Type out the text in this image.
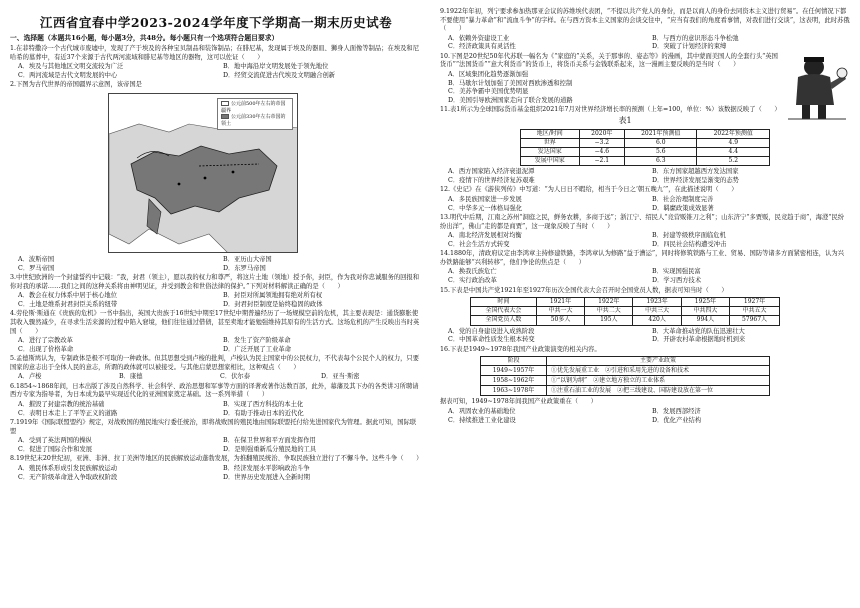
江西省宜春中学2023-2024学年度下学期高一期末历史试卷
一、选择题（本题共16小题，每小题3分，共48分。每小题只有一个选项符合题目要求）

1.在菲特撒冷一个古代城市废墟中，发现了产于埃及的各种宝贝制品和装饰制品；在腓尼基，发现属于埃及的器皿、狮身人面像等制品；在埃及和尼哈希的墓葬中，有近37个来源于古代两河流域和腓尼基等地区的器物，这可以佐证（　　）

A．埃及与其他地区文明交流较为广泛	B．地中海沿岸文明发展处于领先地位
C．两河流域是古代文明发展的中心	D．经贸交流促进古代埃及文明融合创新

2.下图为古代世界的帝国疆界示意图，该帝国是

公元前500年左右的帝国疆界
公元前330年左右帝国的领土
A．波斯帝国	B．亚历山大帝国
C．罗马帝国	D．东罗马帝国

3.中世纪欧洲的一个封建誓约中记载：“我，封君（领主），愿以我的权力和尊严，将这片土地（领地）授予你，封臣，作为我对你忠诚服务的回报和你对我的承诺……我们之间的这种关系将由神明见证，并受到教会和世俗法律的保护。”下列对材料解读正确的是（　　）

A．教会在权力体系中居于核心地位	B．封臣对所属领地拥有绝对所有权
C．土地是维系封君封臣关系的纽带	D．封君封臣制度是始终稳固的政体

4.劳伦斯·斯通在《贵族的危机》一书中指出，英国大贵族于16世纪中期至17世纪中期普遍经历了一场规模空前的危机，其主要表现是：通货膨胀使其收入骤然减少，在寻求生活来源的过程中陷入窘境，他们往往通过借债，甚至卖地才能勉强维持其原有的生活方式。这场危机的产生反映出当时英国（　　）

A．进行了宗教改革	B．发生了资产阶级革命
C．出现了价格革命	D．广泛开展了工业革命

5.孟德斯鸠认为，专制政体是极不可取的一种政体。但其思想受到卢梭的批判，卢梭认为民主国家中的公民权力，不代表每个公民个人的权力，只要国家的意志出于全体人民的意志，所谓的政体就可以被接受。与其他启蒙思想家相比，这种观点（　　）

A．卢梭	B．康德	C．伏尔泰	D．亚当·斯密

6.1854~1868年间，日本出版了涉及自然科学、社会科学、政治思想和军事等方面的译著或著作达数百部，此外，幕藩及其下办的各类讲习所聘请西方专家为指导者，为日本成为最早实现近代化的亚洲国家奠定基础。这一系列举措（　　）

A．摧毁了封建宗教的统治基础	B．实现了西方科技的本土化
C．表明日本走上了平等正义的道路	D．有助于推动日本的近代化

7.1919年《国际联盟盟约》规定，对战败国的殖民地实行委任统治，即将战败国的殖民地由国际联盟托付给先进国家代为管理。据此可知，国际联盟

A．受到了英法两国的操纵	B．在保卫世界和平方面发挥作用
C．促进了国际合作和发展	D．是则强重新瓜分殖民地的工具

8.19世纪末20世纪初，亚洲、非洲、拉丁美洲等地区的民族解放运动蓬勃发展，为推翻殖民统治、争取民族独立进行了不懈斗争。这些斗争（　　）

A．殖民体系形成引发民族解放运动	B．经济发展水平影响政治斗争
C．无产阶级革命进入争取政权阶段	D．世界历史发展进入全新时期

9.1922年年初，列宁要求参加热那亚会议的苏维埃代表团，“不提以共产党人的身份，而是以商人的身份去同资本主义进行贸易”。在任何情况下都不要使用“暴力革命”和“流血斗争”的字样。在与西方资本主义国家的会谈交往中，“应当有我们的角度看事情，对我们进行交谈”，这表明，此时苏俄（　　）

A．依赖外资建设工业	B．与西方的意识形态斗争松弛
C．经济政策具有灵活性	D．突破了计划经济的束缚

10.下图是20世纪50年代苏联一幅名为《“家庭的”关系，关于那事的、姿态等》的漫画，其中蒙面美国人的全套行头“英国货币”“法国货币”“意大利货币”的货币上，将货币关系与金钱联系起来，这一漫画主要反映的是当时（　　）

A．区域集团化趋势逐渐加强
B．马歇尔计划加强了美国对西欧渗透和控制
C．美苏争霸中美国优势明显
D．美国引导欧洲国家走向了联合发展的道路

11.表1所示为全球国际货币基金组织2021年7月对世界经济增长率的预测（上年=100，单位：%）该数据反映了（　　）

表1
地区/时间	2020年	2021年预测值	2022年预测值
世界	−3.2	6.0	4.9
发达国家	−4.6	5.6	4.4
发展中国家	−2.1	6.3	5.2
A．西方国家陷入经济衰退泥潭	B．东方国家超越西方发达国家
C．疫情下的世界经济复苏艰难	D．世界经济发展呈渐变的态势

12.《史记》在《游侠列传》中写道：“为人日日不暇给，相当于今日之‘朝五晚九’”，在此描述说明（　　）

A．多民族国家进一步发展	B．社会治理制度完善
C．中华多元一体格局强化	D．羁縻政策成效显著

13.明代中后期，江南之苏州“洞庭之民，鲜务农耕，多商于远”；浙江宁、绍民人“竞营贩锥刀之利”；山东济宁“多贾贩，民竞趋于商”，海澄“民纷纷出洋”，佛山“走的都是商贾”，这一现象反映了当时（　　）

A．南北经济发展相对均衡	B．封建等级秩序面临危机
C．社会生活方式转变	D．四民社会结构遭受冲击

14.1880年，清政府议定由李鸿章主持修建铁路，李鸿章认为修路“益于漕运”，同时将修筑铁路与工业、贸易、国防等诸多方面紧密相连，认为兴办铁路能够“兴利转移”，他们争论的焦点是（　　）

A．换我氏族危亡	B．实现国强民富
C．实行政治改革	D．学习西方技术

15.下表是中国共产党1921年至1927年历次全国代表大会召开时全国党员人数，据表可知当时（　　）

时间	1921年	1922年	1923年	1925年	1927年
全国代表大会	中共一大	中共二大	中共三大	中共四大	中共五大
全国党员人数	50多人	195人	420人	994人	57967人
A．党的自身建设进入成熟阶段	B．大革命推动党的队伍迅速壮大
C．中国革命性质发生根本转变	D．开辟农村革命根据地时机到来

16.下表是1949~1978年我国产业政策演变的相关内容。

阶段	主要产业政策
1949~1957年	①优先发展重工业　②引进和采用先进的设备和技术
1958~1962年	①“以钢为纲”　②建立地方独立的工业体系
1963~1978年	①注重石油工业的发展　②把三线建设、国防建设放在第一位

据表可知，1949~1978年间我国产业政策重在（　　）

A．巩固农业的基础地位	B．发展西部经济
C．持续推进工业化建设	D．优化产业结构
